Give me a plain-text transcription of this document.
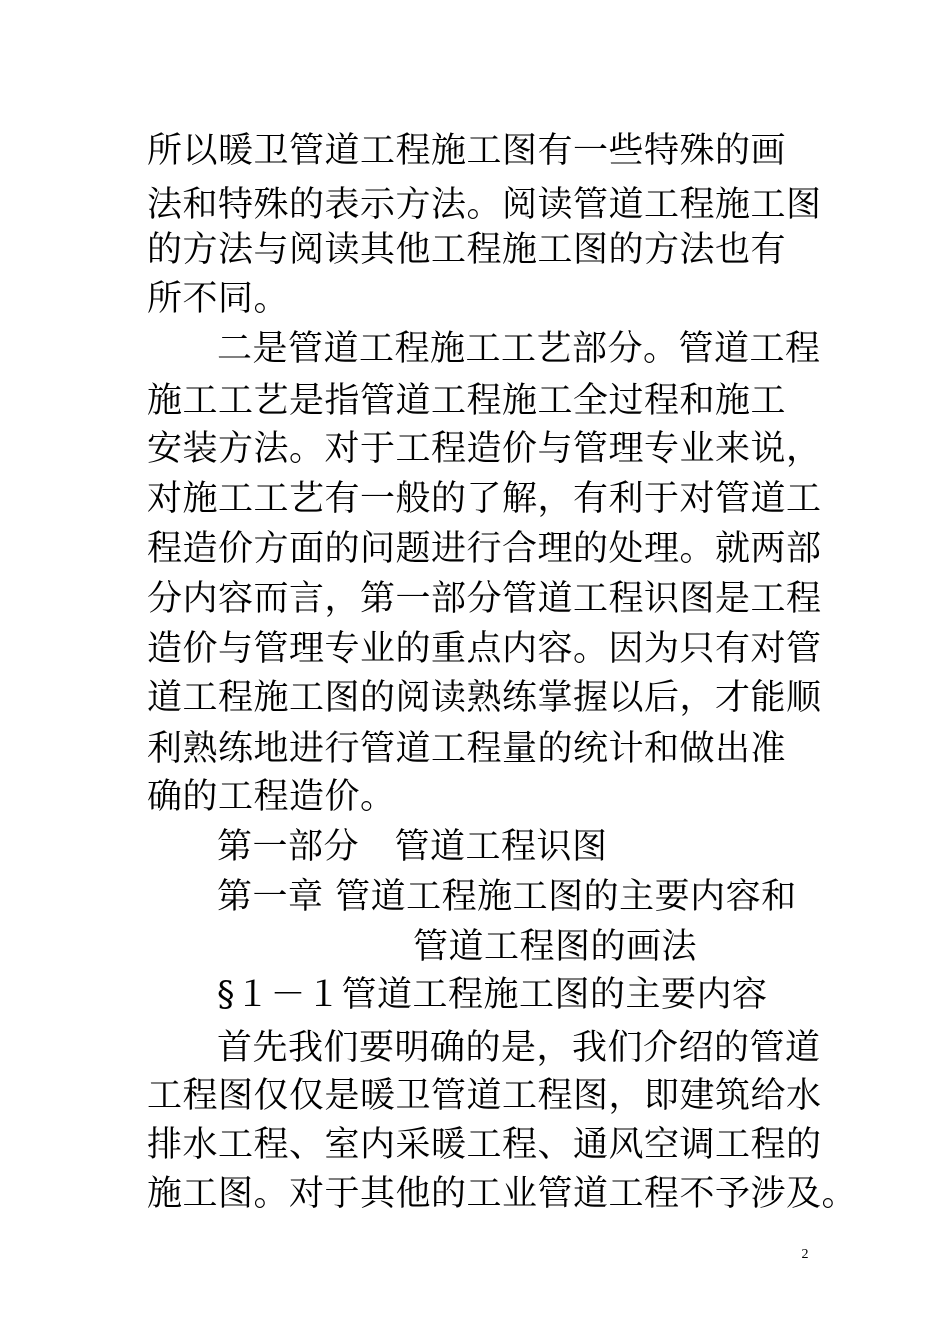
所以暖卫管道工程施工图有一些特殊的画
法和特殊的表示方法。阅读管道工程施工图
的方法与阅读其他工程施工图的方法也有
所不同。
二是管道工程施工工艺部分。管道工程
施工工艺是指管道工程施工全过程和施工
安装方法。对于工程造价与管理专业来说，
对施工工艺有一般的了解，有利于对管道工
程造价方面的问题进行合理的处理。就两部
分内容而言，第一部分管道工程识图是工程
造价与管理专业的重点内容。因为只有对管
道工程施工图的阅读熟练掌握以后，才能顺
利熟练地进行管道工程量的统计和做出准
确的工程造价。
第一部分　管道工程识图
第一章 管道工程施工图的主要内容和
管道工程图的画法
§１－１管道工程施工图的主要内容
首先我们要明确的是，我们介绍的管道
工程图仅仅是暖卫管道工程图，即建筑给水
排水工程、室内采暖工程、通风空调工程的
施工图。对于其他的工业管道工程不予涉及。
2
